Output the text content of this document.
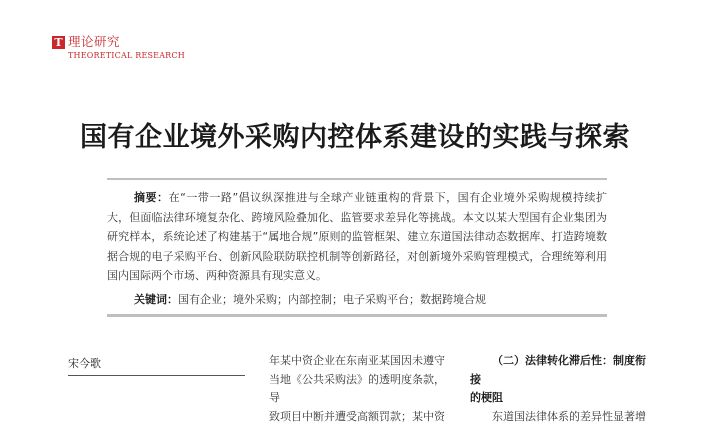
T 理论研究
THEORETICAL RESEARCH
国有企业境外采购内控体系建设的实践与探索

摘要：在“一带一路”倡议纵深推进与全球产业链重构的背景下，国有企业境外采购规模持续扩大，但面临法律环境复杂化、跨境风险叠加化、监管要求差异化等挑战。本文以某大型国有企业集团为研究样本，系统论述了构建基于“属地合规”原则的监管框架、建立东道国法律动态数据库、打造跨境数据合规的电子采购平台、创新风险联防联控机制等创新路径，对创新境外采购管理模式，合理统筹利用国内国际两个市场、两种资源具有现实意义。

关键词：国有企业；境外采购；内部控制；电子采购平台；数据跨境合规
宋今歌	年某中资企业在东南亚某国因未遵守
当地《公共采购法》的透明度条款，导
致项目中断并遭受高额罚款；某中资
（二）法律转化滞后性：制度衔接
的梗阻
东道国法律体系的差异性显著增
